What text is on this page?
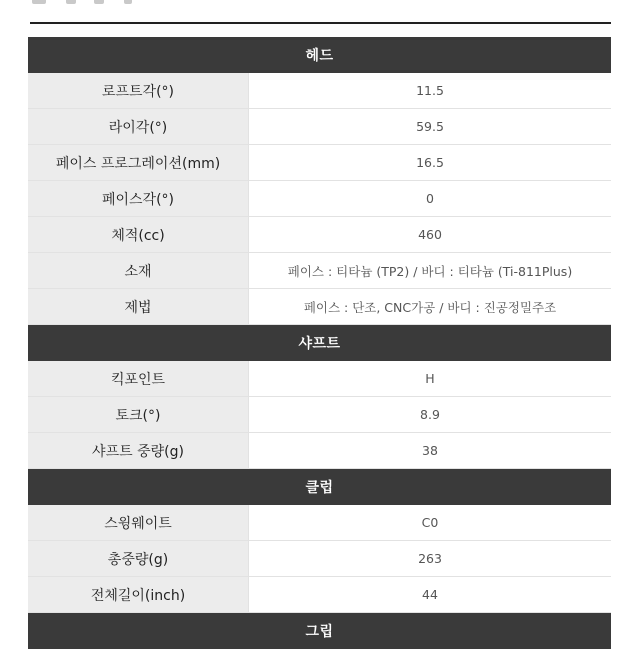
헤드
로프트각(°)	11.5
라이각(°)	59.5
페이스 프로그레이션(mm)	16.5
페이스각(°)	0
체적(cc)	460
소재	페이스 : 티타늄 (TP2) / 바디 : 티타늄 (Ti-811Plus)
제법	페이스 : 단조, CNC가공 / 바디 : 진공정밀주조
샤프트
킥포인트	H
토크(°)	8.9
샤프트 중량(g)	38
클럽
스윙웨이트	C0
총중량(g)	263
전체길이(inch)	44
그립
